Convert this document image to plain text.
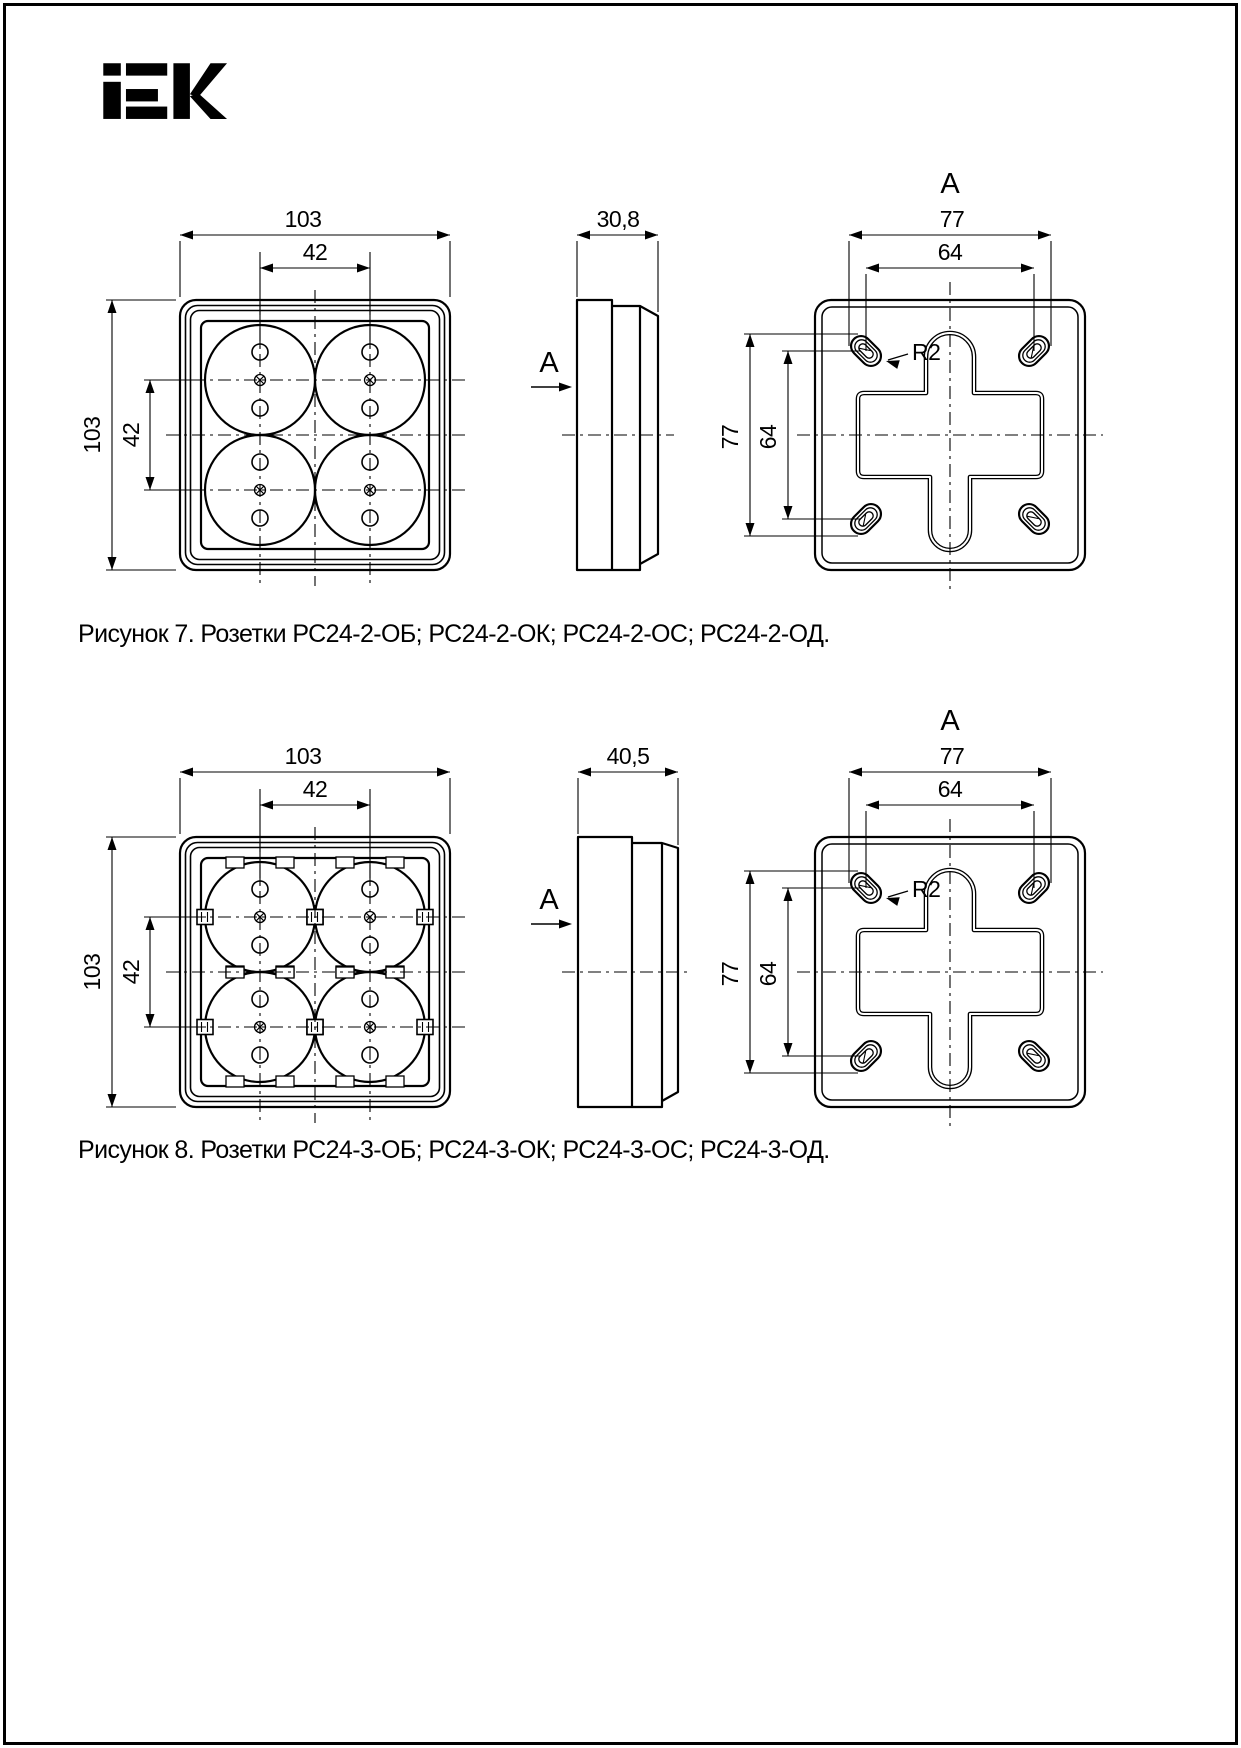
103
42
103 42
30,8
A
77
64
77 64
R2
A
Рисунок 7. Розетки РС24-2-ОБ; РС24-2-ОК; РС24-2-ОС; РС24-2-ОД.
103
42
103 42
40,5
A
77
64
77 64
R2
A
Рисунок 8. Розетки РС24-3-ОБ; РС24-3-ОК; РС24-3-ОС; РС24-3-ОД.
